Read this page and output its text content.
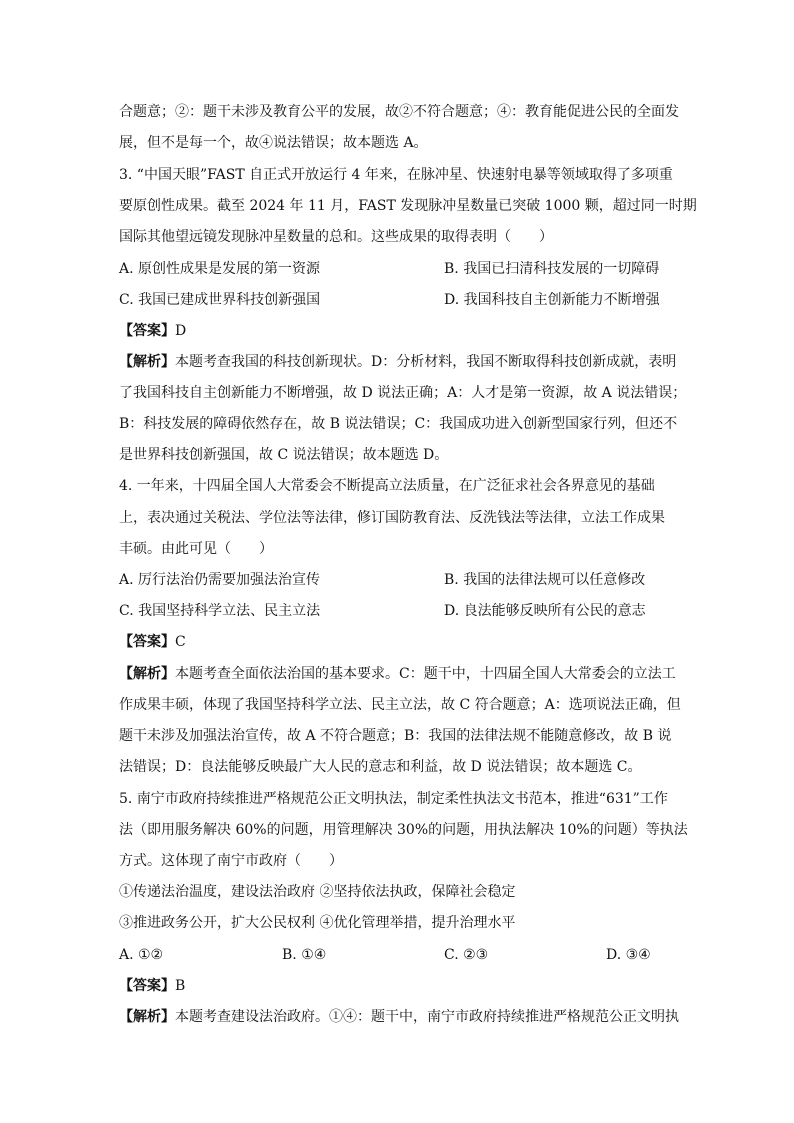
合题意；②：题干未涉及教育公平的发展，故②不符合题意；④：教育能促进公民的全面发
展，但不是每一个，故④说法错误；故本题选 A。
3. “中国天眼”FAST 自正式开放运行 4 年来，在脉冲星、快速射电暴等领域取得了多项重
要原创性成果。截至 2024 年 11 月，FAST 发现脉冲星数量已突破 1000 颗，超过同一时期
国际其他望远镜发现脉冲星数量的总和。这些成果的取得表明（　　）
A. 原创性成果是发展的第一资源	B. 我国已扫清科技发展的一切障碍
C. 我国已建成世界科技创新强国	D. 我国科技自主创新能力不断增强
【答案】D
【解析】本题考查我国的科技创新现状。D：分析材料，我国不断取得科技创新成就，表明
了我国科技自主创新能力不断增强，故 D 说法正确；A：人才是第一资源，故 A 说法错误；
B：科技发展的障碍依然存在，故 B 说法错误；C：我国成功进入创新型国家行列，但还不
是世界科技创新强国，故 C 说法错误；故本题选 D。
4. 一年来，十四届全国人大常委会不断提高立法质量，在广泛征求社会各界意见的基础
上，表决通过关税法、学位法等法律，修订国防教育法、反洗钱法等法律，立法工作成果
丰硕。由此可见（　　）
A. 厉行法治仍需要加强法治宣传	B. 我国的法律法规可以任意修改
C. 我国坚持科学立法、民主立法	D. 良法能够反映所有公民的意志
【答案】C
【解析】本题考查全面依法治国的基本要求。C：题干中，十四届全国人大常委会的立法工
作成果丰硕，体现了我国坚持科学立法、民主立法，故 C 符合题意；A：选项说法正确，但
题干未涉及加强法治宣传，故 A 不符合题意；B：我国的法律法规不能随意修改，故 B 说
法错误；D：良法能够反映最广大人民的意志和利益，故 D 说法错误；故本题选 C。
5. 南宁市政府持续推进严格规范公正文明执法，制定柔性执法文书范本，推进“631”工作
法（即用服务解决 60%的问题，用管理解决 30%的问题，用执法解决 10%的问题）等执法
方式。这体现了南宁市政府（　　）
①传递法治温度，建设法治政府 ②坚持依法执政，保障社会稳定
③推进政务公开，扩大公民权利 ④优化管理举措，提升治理水平
A. ①②	B. ①④	C. ②③	D. ③④
【答案】B
【解析】本题考查建设法治政府。①④：题干中，南宁市政府持续推进严格规范公正文明执
